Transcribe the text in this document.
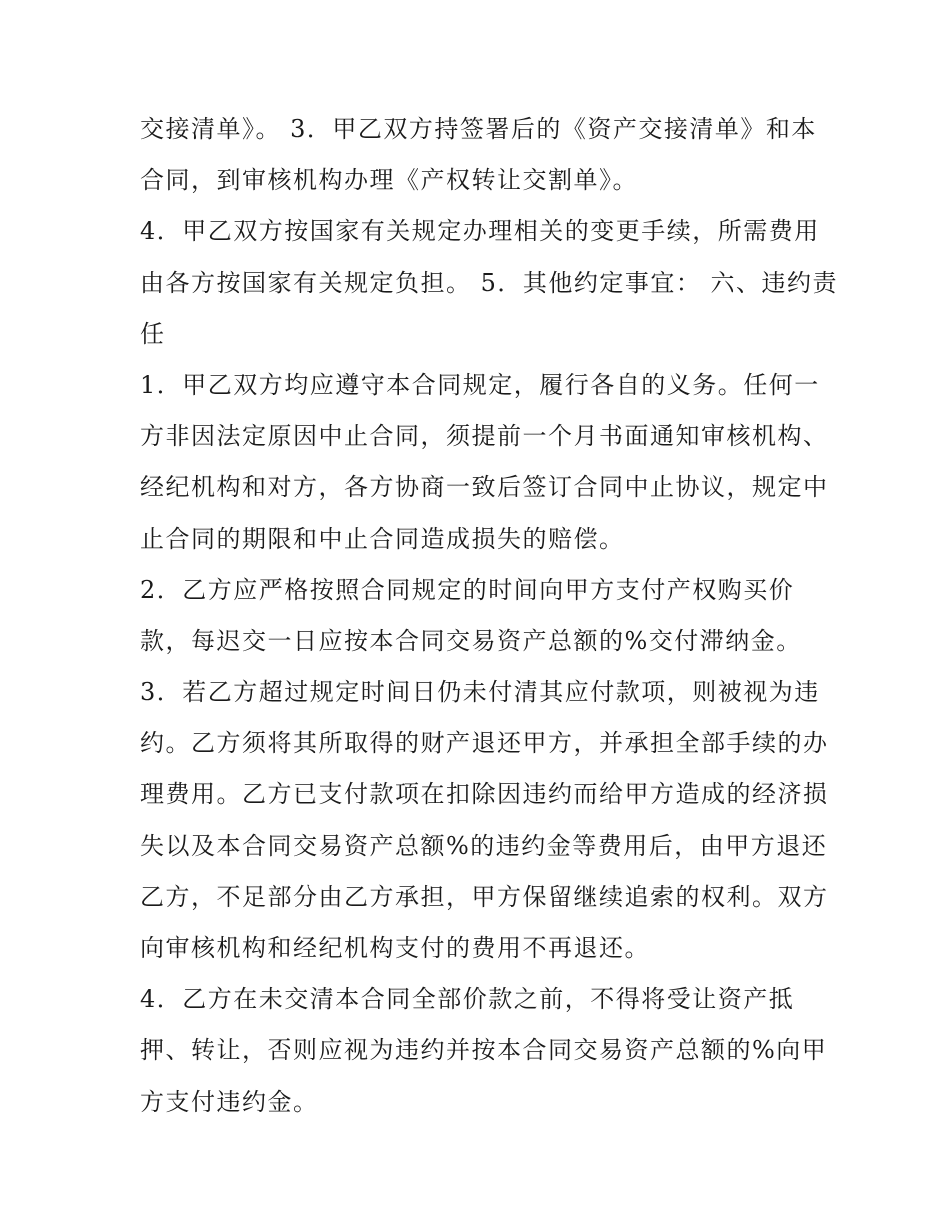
交接清单》。 3．甲乙双方持签署后的《资产交接清单》和本
合同，到审核机构办理《产权转让交割单》。
4．甲乙双方按国家有关规定办理相关的变更手续，所需费用
由各方按国家有关规定负担。 5．其他约定事宜： 六、违约责
任
1．甲乙双方均应遵守本合同规定，履行各自的义务。任何一
方非因法定原因中止合同，须提前一个月书面通知审核机构、
经纪机构和对方，各方协商一致后签订合同中止协议，规定中
止合同的期限和中止合同造成损失的赔偿。
2．乙方应严格按照合同规定的时间向甲方支付产权购买价
款，每迟交一日应按本合同交易资产总额的%交付滞纳金。
3．若乙方超过规定时间日仍未付清其应付款项，则被视为违
约。乙方须将其所取得的财产退还甲方，并承担全部手续的办
理费用。乙方已支付款项在扣除因违约而给甲方造成的经济损
失以及本合同交易资产总额%的违约金等费用后，由甲方退还
乙方，不足部分由乙方承担，甲方保留继续追索的权利。双方
向审核机构和经纪机构支付的费用不再退还。
4．乙方在未交清本合同全部价款之前，不得将受让资产抵
押、转让，否则应视为违约并按本合同交易资产总额的%向甲
方支付违约金。
